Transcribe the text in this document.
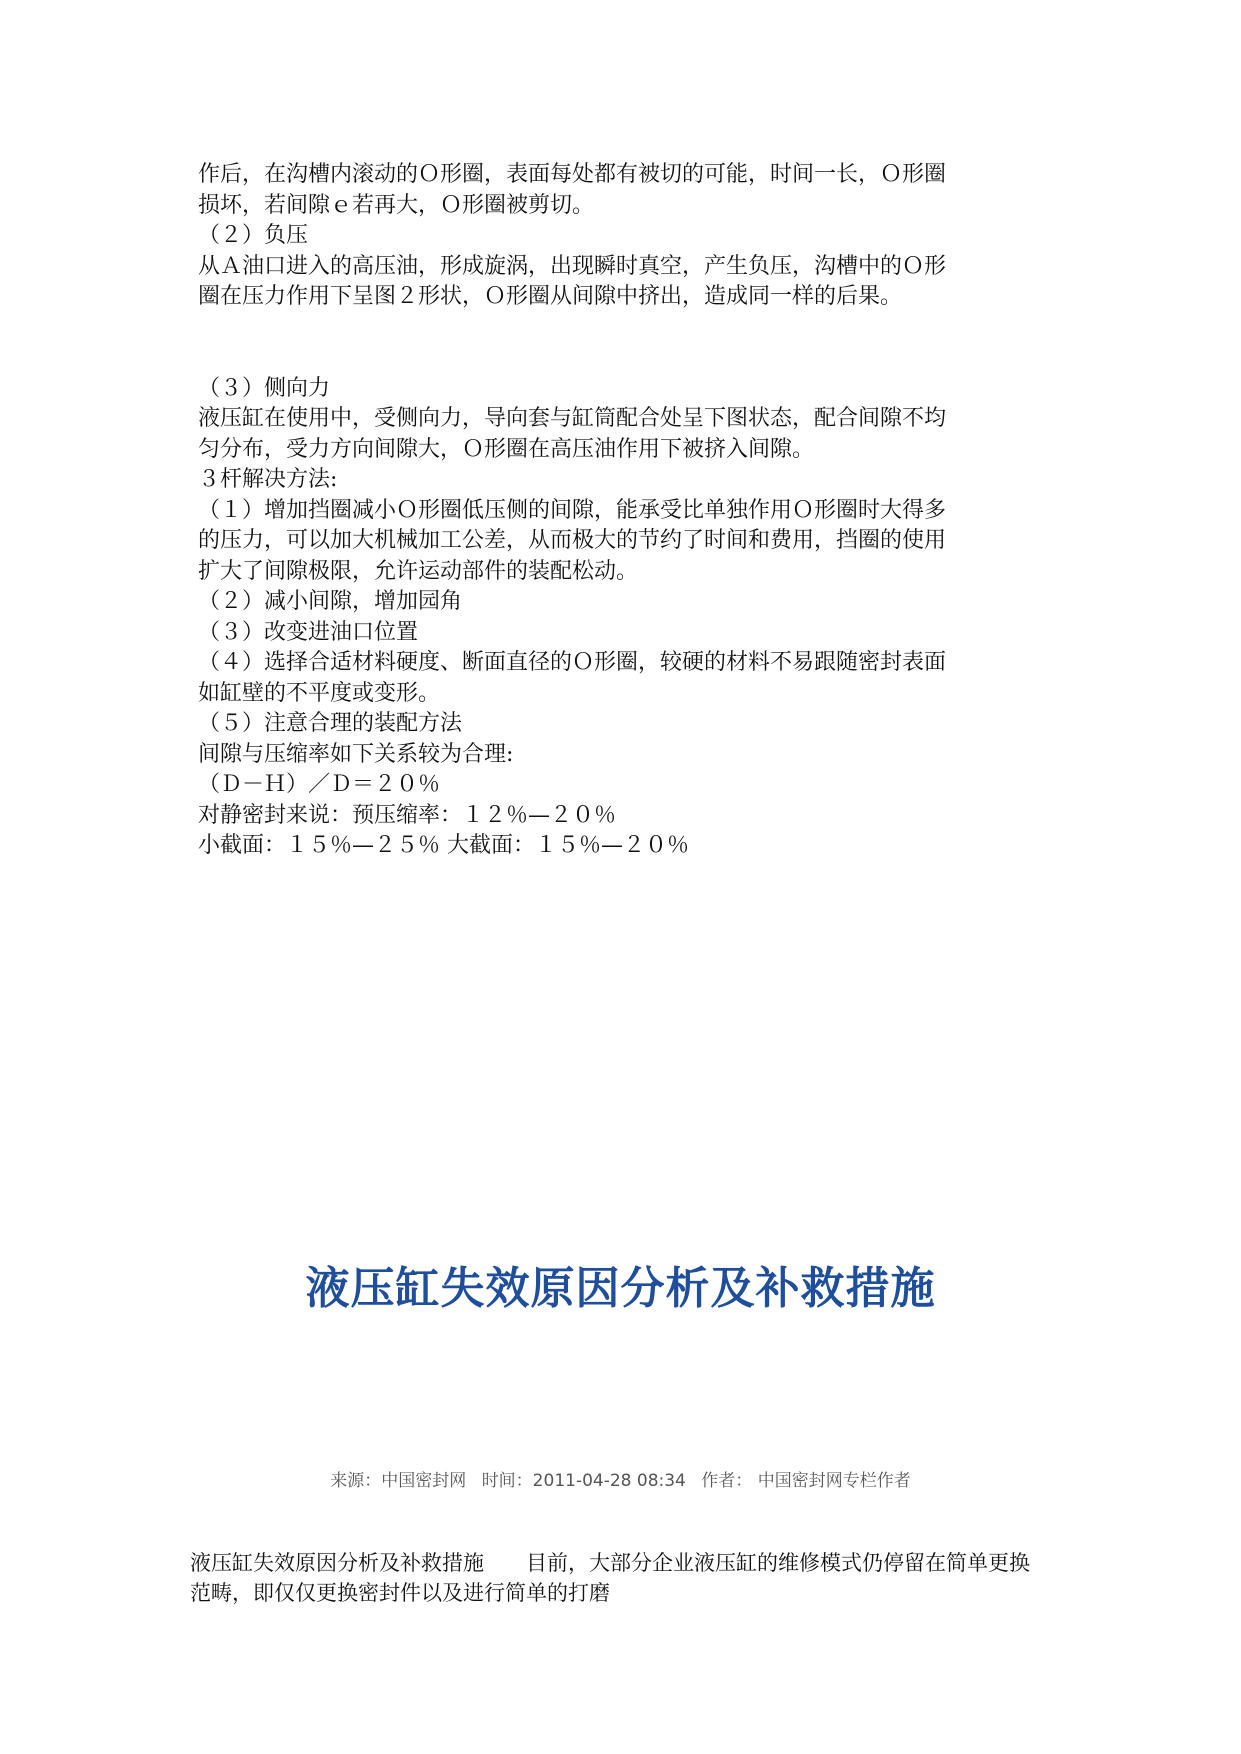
作后，在沟槽内滚动的Ｏ形圈，表面每处都有被切的可能，时间一长，Ｏ形圈
损坏，若间隙ｅ若再大，Ｏ形圈被剪切。
（２）负压
从Ａ油口进入的高压油，形成旋涡，出现瞬时真空，产生负压，沟槽中的Ｏ形
圈在压力作用下呈图２形状，Ｏ形圈从间隙中挤出，造成同一样的后果。
（３）侧向力
液压缸在使用中，受侧向力，导向套与缸筒配合处呈下图状态，配合间隙不均
匀分布，受力方向间隙大，Ｏ形圈在高压油作用下被挤入间隙。
３杆解决方法:
（１）增加挡圈减小Ｏ形圈低压侧的间隙，能承受比单独作用Ｏ形圈时大得多
的压力，可以加大机械加工公差，从而极大的节约了时间和费用，挡圈的使用
扩大了间隙极限，允许运动部件的装配松动。
（２）减小间隙，增加园角
（３）改变进油口位置
（４）选择合适材料硬度、断面直径的Ｏ形圈，较硬的材料不易跟随密封表面
如缸壁的不平度或变形。
（５）注意合理的装配方法
间隙与压缩率如下关系较为合理:
（Ｄ－Ｈ）／Ｄ＝２０％
对静密封来说：预压缩率：１２％—２０％
小截面：１５％—２５％ 大截面：１５％—２０％
液压缸失效原因分析及补救措施
来源：中国密封网 时间：2011-04-28 08:34 作者： 中国密封网专栏作者
液压缸失效原因分析及补救措施　　目前，大部分企业液压缸的维修模式仍停留在简单更换
范畴，即仅仅更换密封件以及进行简单的打磨
